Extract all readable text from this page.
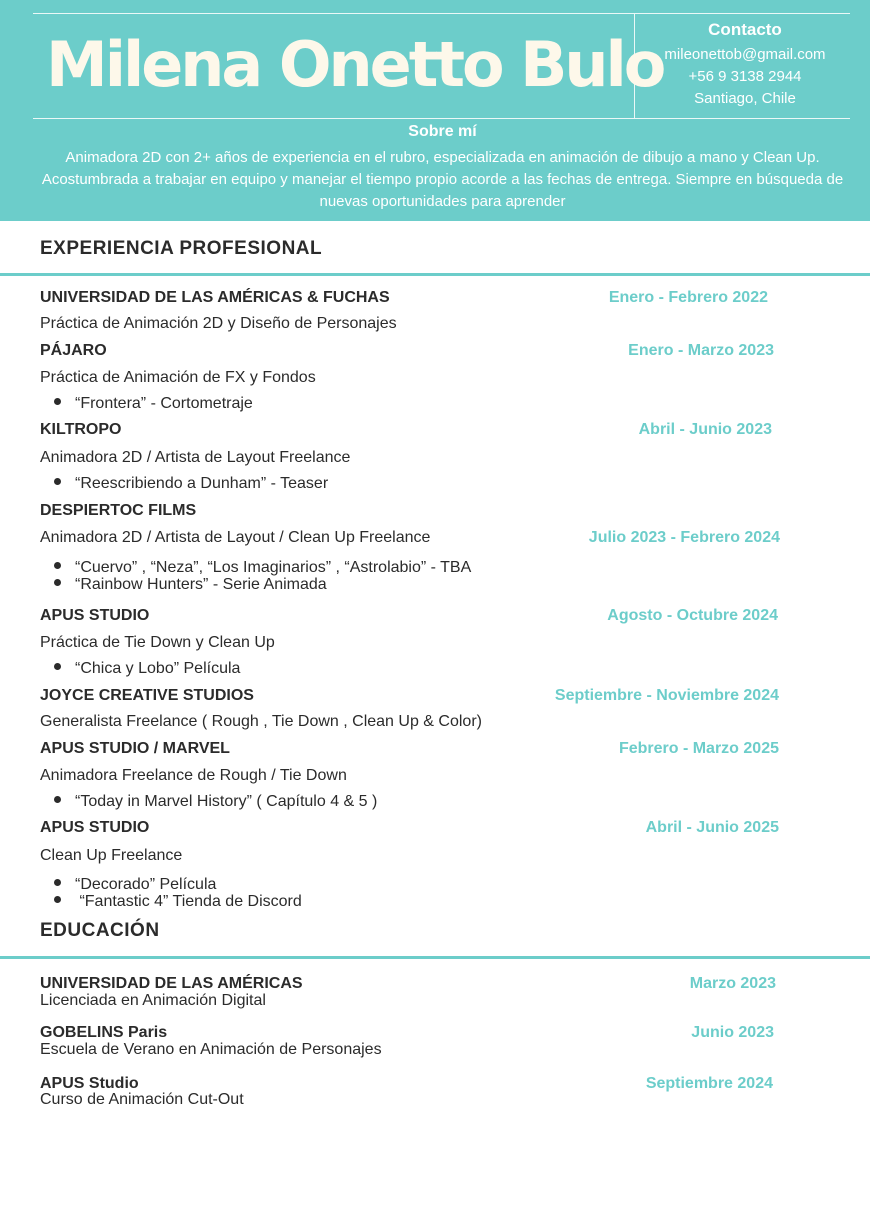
Milena Onetto Bulo	Contacto
mileonettob@gmail.com
+56 9 3138 2944
Santiago, Chile
Sobre mí
Animadora 2D con 2+ años de experiencia en el rubro, especializada en animación de dibujo a mano y Clean Up. Acostumbrada a trabajar en equipo y manejar el tiempo propio acorde a las fechas de entrega. Siempre en búsqueda de nuevas oportunidades para aprender
EXPERIENCIA PROFESIONAL
UNIVERSIDAD DE LAS AMÉRICAS & FUCHAS	Enero - Febrero 2022
Práctica de Animación 2D y Diseño de Personajes
PÁJARO	Enero - Marzo 2023
Práctica de Animación de FX y Fondos
“Frontera” - Cortometraje
KILTROPO	Abril - Junio 2023
Animadora 2D / Artista de Layout Freelance
“Reescribiendo a Dunham” - Teaser
DESPIERTOC FILMS
Animadora 2D / Artista de Layout / Clean Up Freelance	Julio 2023 - Febrero 2024
“Cuervo” , “Neza”, “Los Imaginarios” , “Astrolabio” - TBA
“Rainbow Hunters” - Serie Animada
APUS STUDIO	Agosto - Octubre 2024
Práctica de Tie Down y Clean Up
“Chica y Lobo” Película
JOYCE CREATIVE STUDIOS	Septiembre - Noviembre 2024
Generalista Freelance ( Rough , Tie Down , Clean Up & Color)
APUS STUDIO / MARVEL	Febrero - Marzo 2025
Animadora Freelance de Rough / Tie Down
“Today in Marvel History” ( Capítulo 4 & 5 )
APUS STUDIO	Abril - Junio 2025
Clean Up Freelance
“Decorado” Película
“Fantastic 4” Tienda de Discord
EDUCACIÓN
UNIVERSIDAD DE LAS AMÉRICAS	Marzo 2023
Licenciada en Animación Digital
GOBELINS Paris	Junio 2023
Escuela de Verano en Animación de Personajes
APUS Studio	Septiembre 2024
Curso de Animación Cut-Out
